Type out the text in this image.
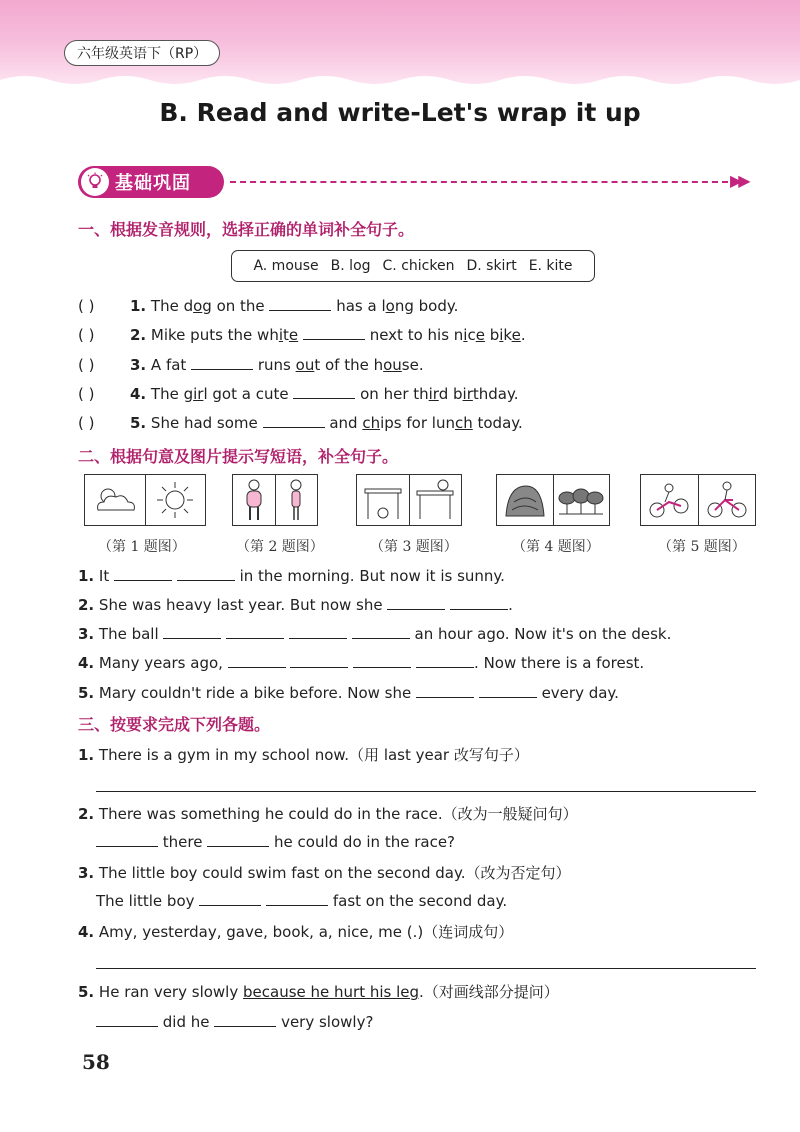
六年级英语下（RP）
B. Read and write-Let's wrap it up
基础巩固	▶▶
一、根据发音规则，选择正确的单词补全句子。
A. mouse B. log C. chicken D. skirt E. kite
( ) 1. The dog on the	has a long body.
( ) 2. Mike puts the white	next to his nice bike.
( ) 3. A fat	runs out of the house.
( ) 4. The girl got a cute	on her third birthday.
( ) 5. She had some	and chips for lunch today.
二、根据句意及图片提示写短语，补全句子。
（第 1 题图）	（第 2 题图）	（第 3 题图）	（第 4 题图）	（第 5 题图）
1. It	in the morning. But now it is sunny.
2. She was heavy last year. But now she	.
3. The ball	an hour ago. Now it's on the desk.
4. Many years ago,	. Now there is a forest.
5. Mary couldn't ride a bike before. Now she	every day.
三、按要求完成下列各题。
1. There is a gym in my school now.（用 last year 改写句子）
2. There was something he could do in the race.（改为一般疑问句）
there	he could do in the race?
3. The little boy could swim fast on the second day.（改为否定句）
The little boy	fast on the second day.
4. Amy, yesterday, gave, book, a, nice, me (.)（连词成句）
5. He ran very slowly because he hurt his leg.（对画线部分提问）
did he	very slowly?
58
